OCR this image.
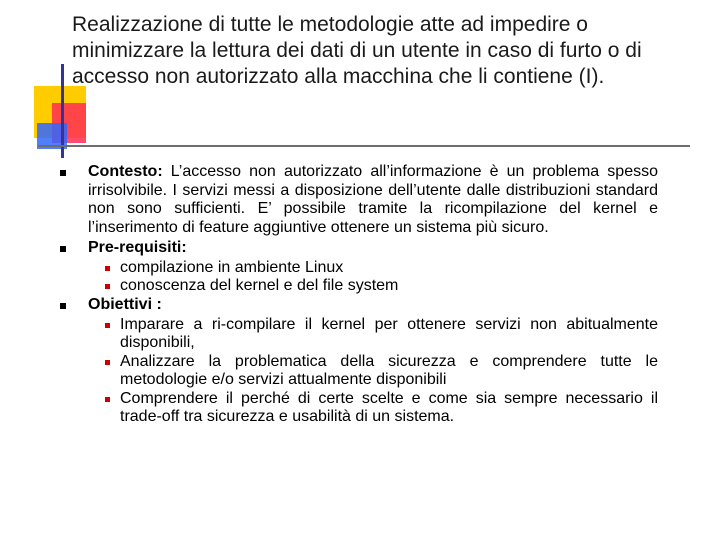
Realizzazione di tutte le metodologie atte ad impedire o minimizzare la lettura dei dati di un utente in caso di furto o di accesso non autorizzato alla macchina che li contiene (I).
Contesto: L’accesso non autorizzato all’informazione è un problema spesso irrisolvibile. I servizi messi a disposizione dell’utente dalle distribuzioni standard non sono sufficienti. E’ possibile tramite la ricompilazione del kernel e l’inserimento di feature aggiuntive ottenere un sistema più sicuro.
Pre-requisiti:
compilazione in ambiente Linux
conoscenza del kernel e del file system
Obiettivi :
Imparare a ri-compilare il kernel per ottenere servizi non abitualmente disponibili,
Analizzare la problematica della sicurezza e comprendere tutte le metodologie e/o servizi attualmente disponibili
Comprendere il perché di certe scelte e come sia sempre necessario il trade-off tra sicurezza e usabilità di un sistema.
